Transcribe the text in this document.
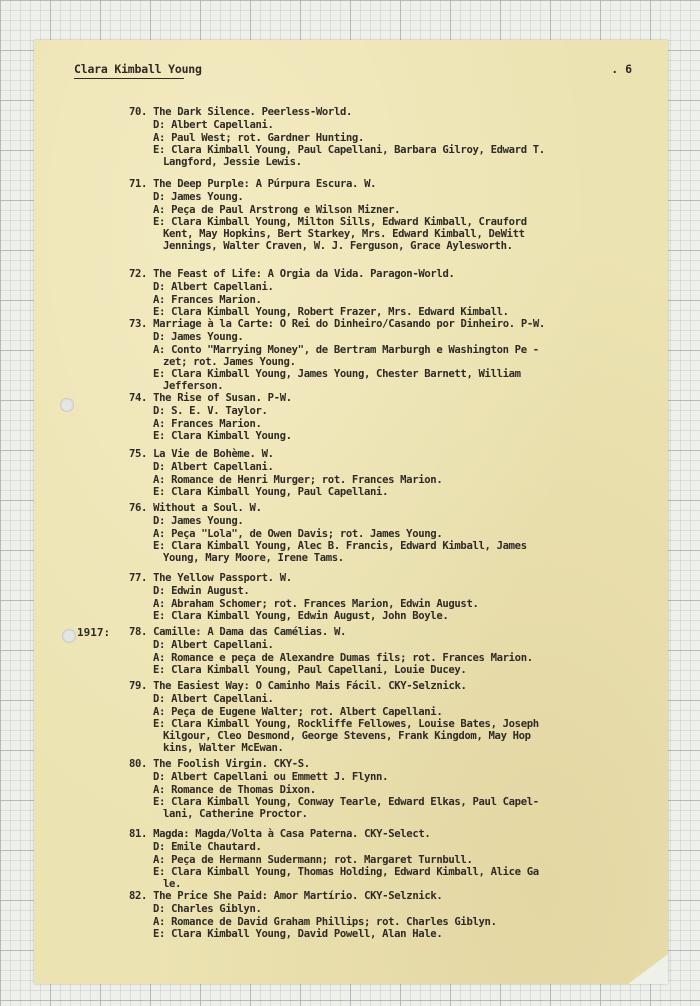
Clara Kimball Young	. 6
1917:
70. The Dark Silence. Peerless-World.
D: Albert Capellani.
A: Paul West; rot. Gardner Hunting.
E: Clara Kimball Young, Paul Capellani, Barbara Gilroy, Edward T.
Langford, Jessie Lewis.
71. The Deep Purple: A Púrpura Escura. W.
D: James Young.
A: Peça de Paul Arstrong e Wilson Mizner.
E: Clara Kimball Young, Milton Sills, Edward Kimball, Crauford
Kent, May Hopkins, Bert Starkey, Mrs. Edward Kimball, DeWitt
Jennings, Walter Craven, W. J. Ferguson, Grace Aylesworth.
72. The Feast of Life: A Orgia da Vida. Paragon-World.
D: Albert Capellani.
A: Frances Marion.
E: Clara Kimball Young, Robert Frazer, Mrs. Edward Kimball.
73. Marriage à la Carte: O Rei do Dinheiro/Casando por Dinheiro. P-W.
D: James Young.
A: Conto "Marrying Money", de Bertram Marburgh e Washington Pe -
zet; rot. James Young.
E: Clara Kimball Young, James Young, Chester Barnett, William
Jefferson.
74. The Rise of Susan. P-W.
D: S. E. V. Taylor.
A: Frances Marion.
E: Clara Kimball Young.
75. La Vie de Bohème. W.
D: Albert Capellani.
A: Romance de Henri Murger; rot. Frances Marion.
E: Clara Kimball Young, Paul Capellani.
76. Without a Soul. W.
D: James Young.
A: Peça "Lola", de Owen Davis; rot. James Young.
E: Clara Kimball Young, Alec B. Francis, Edward Kimball, James
Young, Mary Moore, Irene Tams.
77. The Yellow Passport. W.
D: Edwin August.
A: Abraham Schomer; rot. Frances Marion, Edwin August.
E: Clara Kimball Young, Edwin August, John Boyle.
78. Camille: A Dama das Camélias. W.
D: Albert Capellani.
A: Romance e peça de Alexandre Dumas fils; rot. Frances Marion.
E: Clara Kimball Young, Paul Capellani, Louie Ducey.
79. The Easiest Way: O Caminho Mais Fácil. CKY-Selznick.
D: Albert Capellani.
A: Peça de Eugene Walter; rot. Albert Capellani.
E: Clara Kimball Young, Rockliffe Fellowes, Louise Bates, Joseph
Kilgour, Cleo Desmond, George Stevens, Frank Kingdom, May Hop
kins, Walter McEwan.
80. The Foolish Virgin. CKY-S.
D: Albert Capellani ou Emmett J. Flynn.
A: Romance de Thomas Dixon.
E: Clara Kimball Young, Conway Tearle, Edward Elkas, Paul Capel-
lani, Catherine Proctor.
81. Magda: Magda/Volta à Casa Paterna. CKY-Select.
D: Emile Chautard.
A: Peça de Hermann Sudermann; rot. Margaret Turnbull.
E: Clara Kimball Young, Thomas Holding, Edward Kimball, Alice Ga
le.
82. The Price She Paid: Amor Martírio. CKY-Selznick.
D: Charles Giblyn.
A: Romance de David Graham Phillips; rot. Charles Giblyn.
E: Clara Kimball Young, David Powell, Alan Hale.
